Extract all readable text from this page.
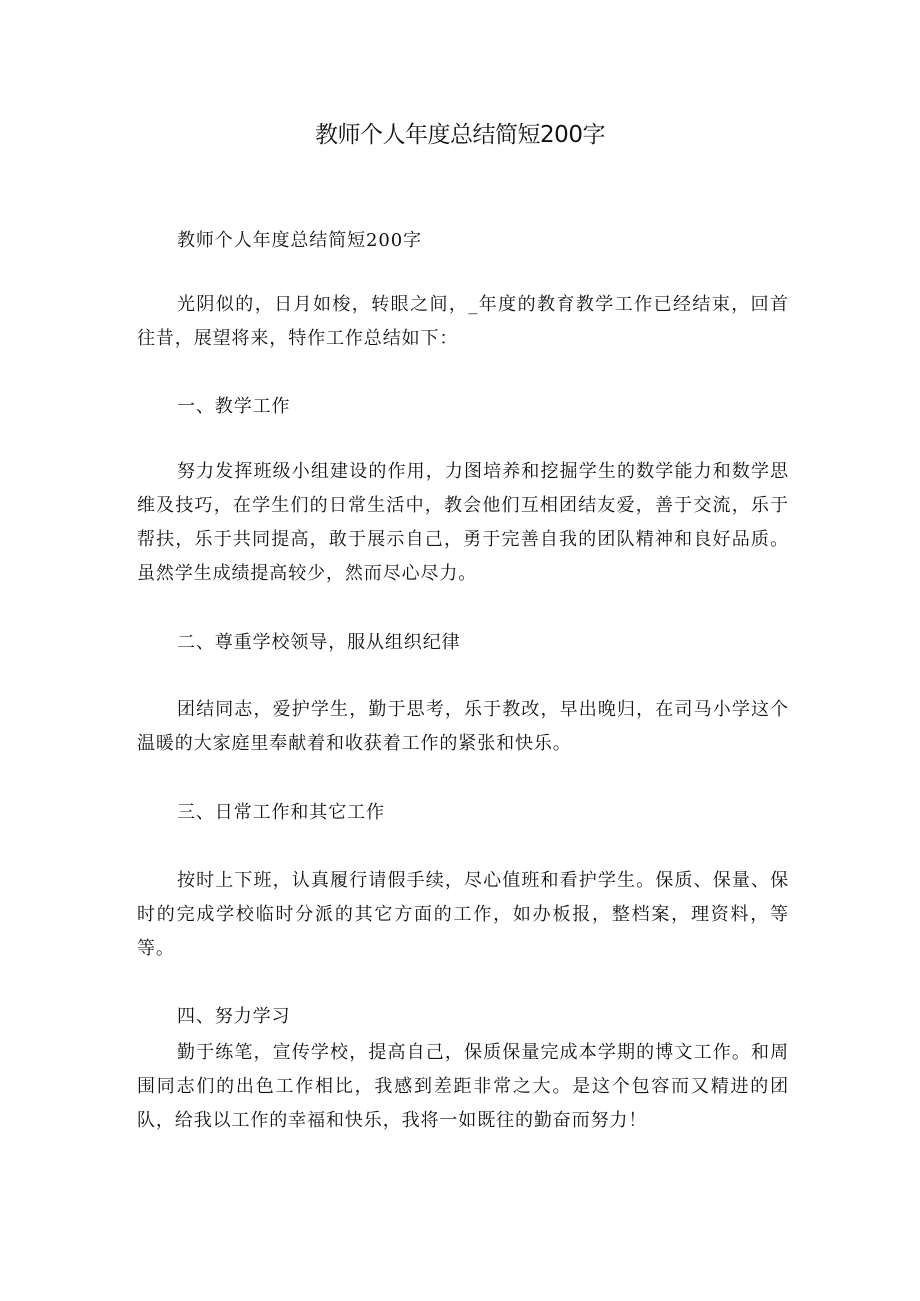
教师个人年度总结简短200字

教师个人年度总结简短200字

光阴似的，日月如梭，转眼之间，_年度的教育教学工作已经结束，回首往昔，展望将来，特作工作总结如下：

一、教学工作

努力发挥班级小组建设的作用，力图培养和挖掘学生的数学能力和数学思维及技巧，在学生们的日常生活中，教会他们互相团结友爱，善于交流，乐于帮扶，乐于共同提高，敢于展示自己，勇于完善自我的团队精神和良好品质。虽然学生成绩提高较少，然而尽心尽力。

二、尊重学校领导，服从组织纪律

团结同志，爱护学生，勤于思考，乐于教改，早出晚归，在司马小学这个温暖的大家庭里奉献着和收获着工作的紧张和快乐。

三、日常工作和其它工作

按时上下班，认真履行请假手续，尽心值班和看护学生。保质、保量、保时的完成学校临时分派的其它方面的工作，如办板报，整档案，理资料，等等。

四、努力学习

勤于练笔，宣传学校，提高自己，保质保量完成本学期的博文工作。和周围同志们的出色工作相比，我感到差距非常之大。是这个包容而又精进的团队，给我以工作的幸福和快乐，我将一如既往的勤奋而努力！
